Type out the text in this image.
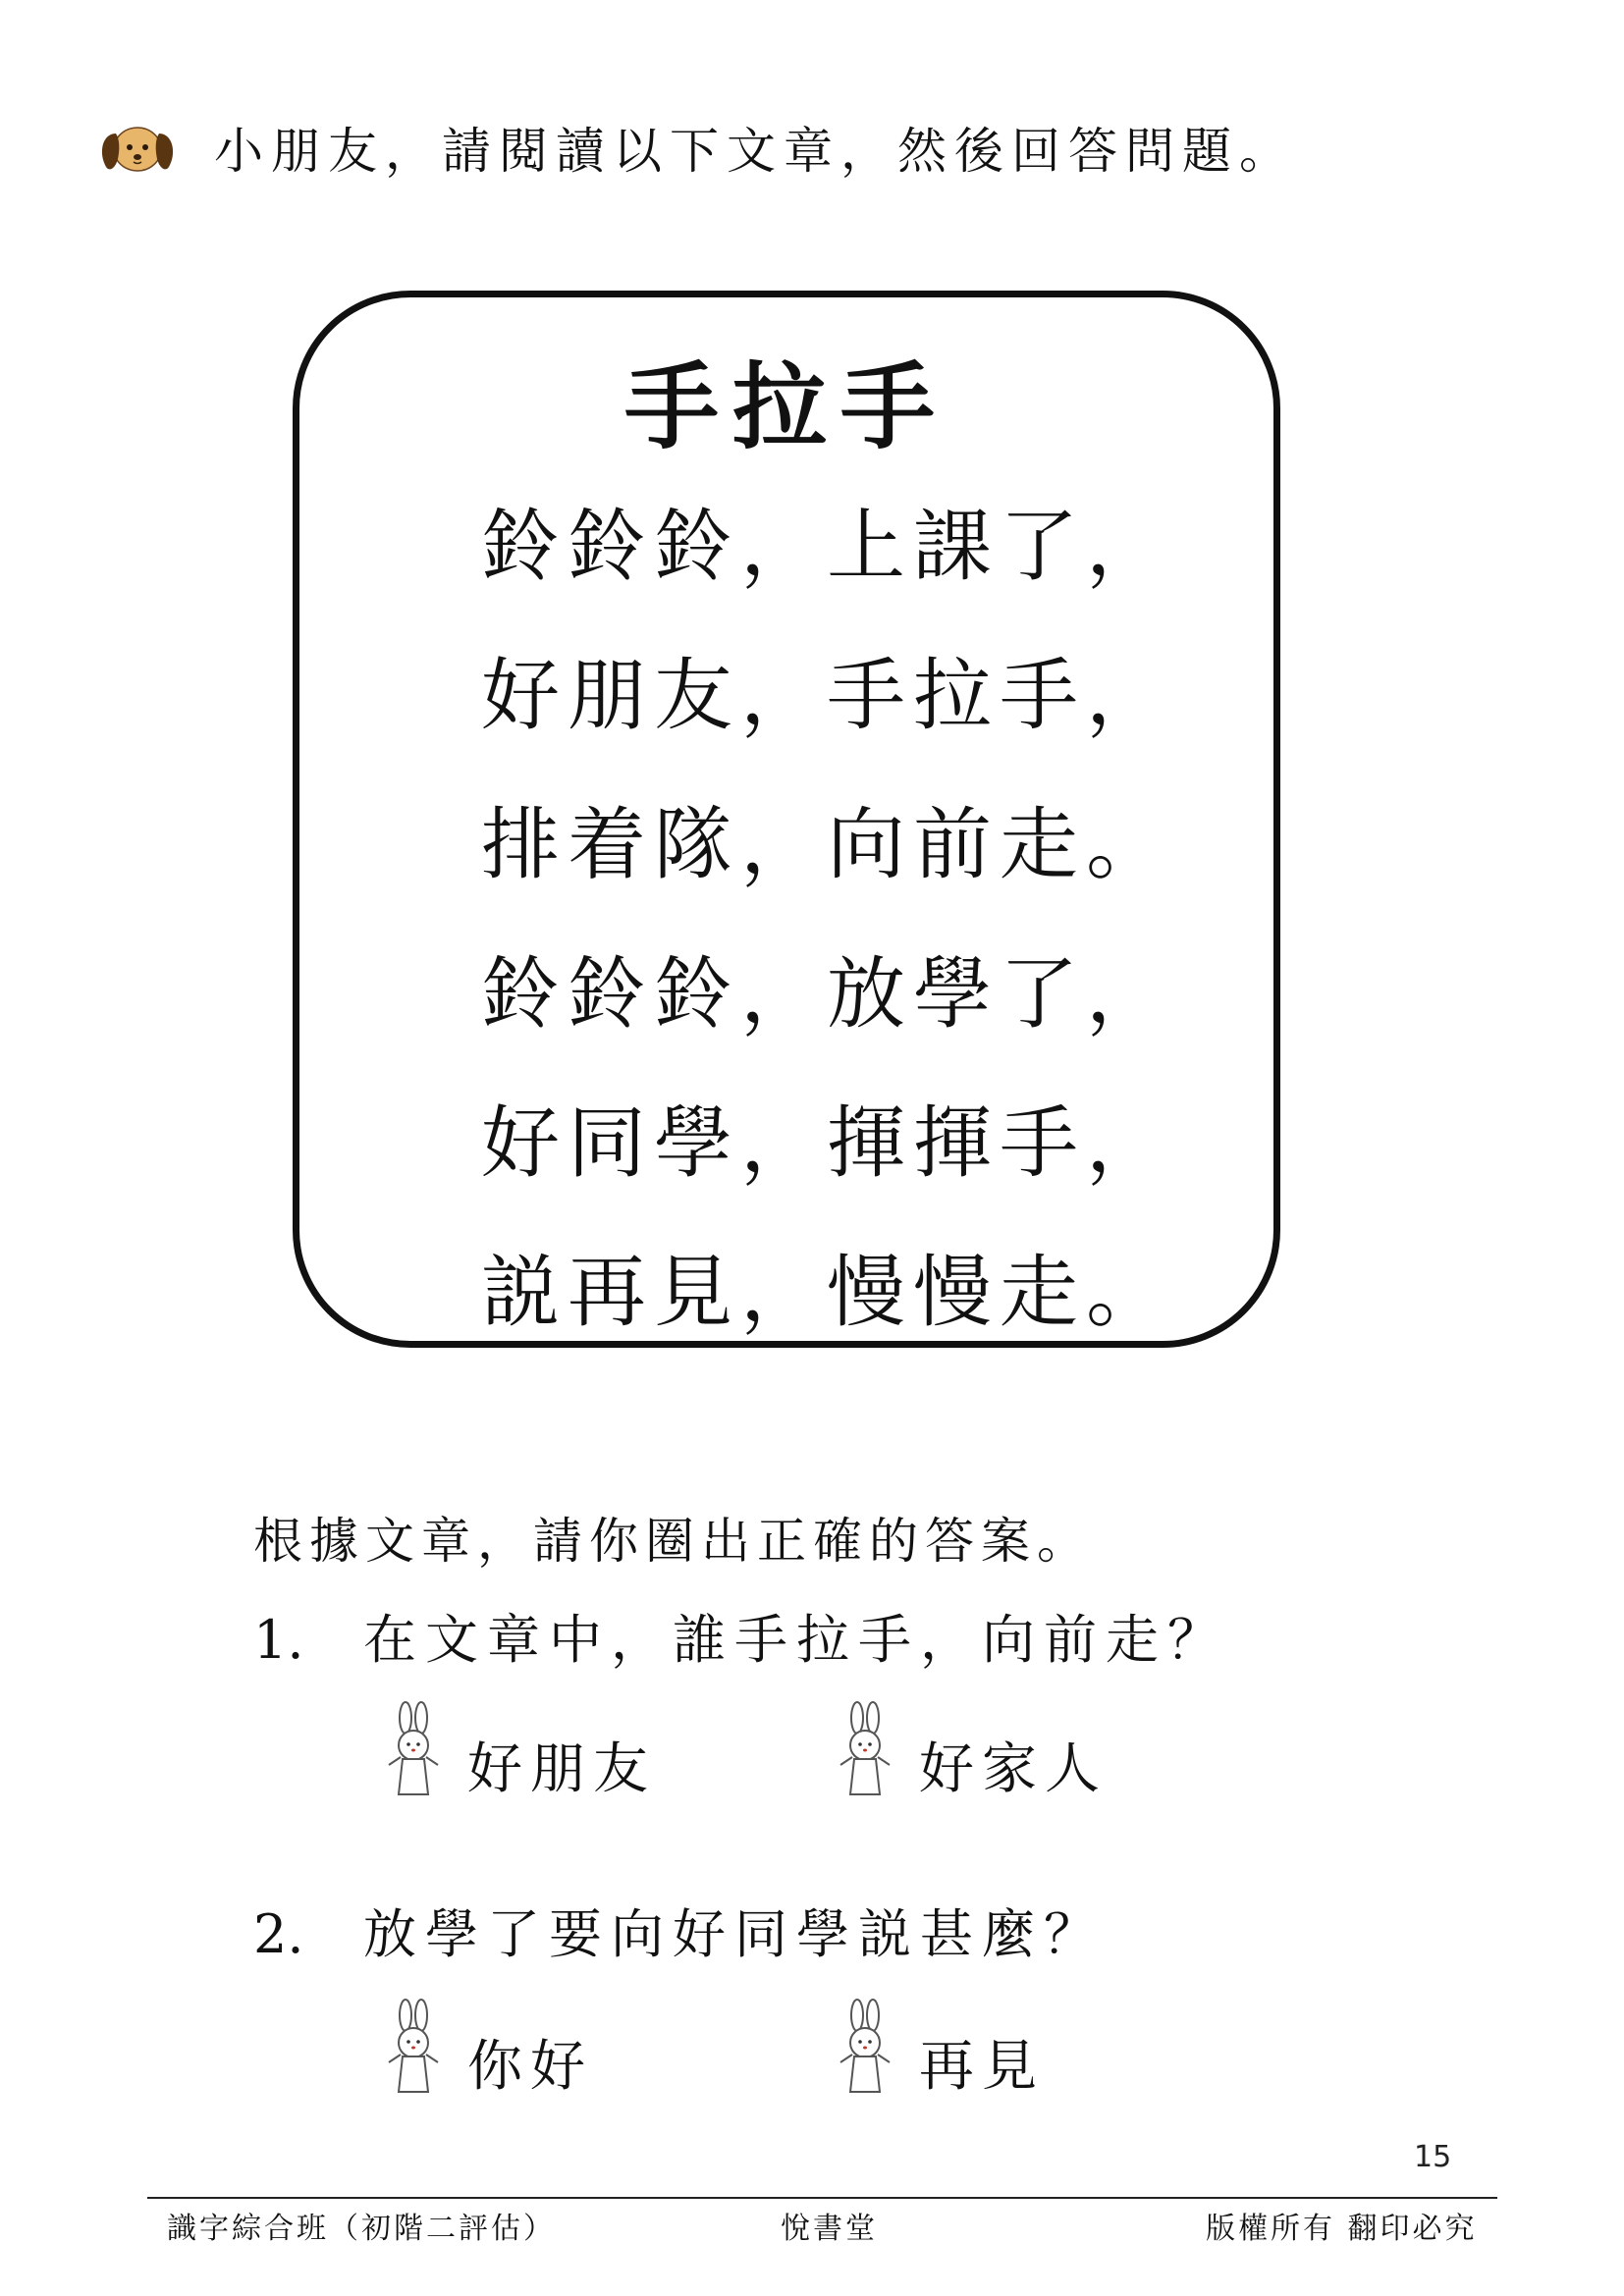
小朋友，請閱讀以下文章，然後回答問題。
手拉手
鈴鈴鈴，上課了，
好朋友，手拉手，
排着隊，向前走。
鈴鈴鈴，放學了，
好同學，揮揮手，
説再見，慢慢走。
根據文章，請你圈出正確的答案。
1. 在文章中，誰手拉手，向前走？
好朋友	好家人
2. 放學了要向好同學説甚麼？
你好	再見
15
識字綜合班（初階二評估）	悅書堂	版權所有 翻印必究
